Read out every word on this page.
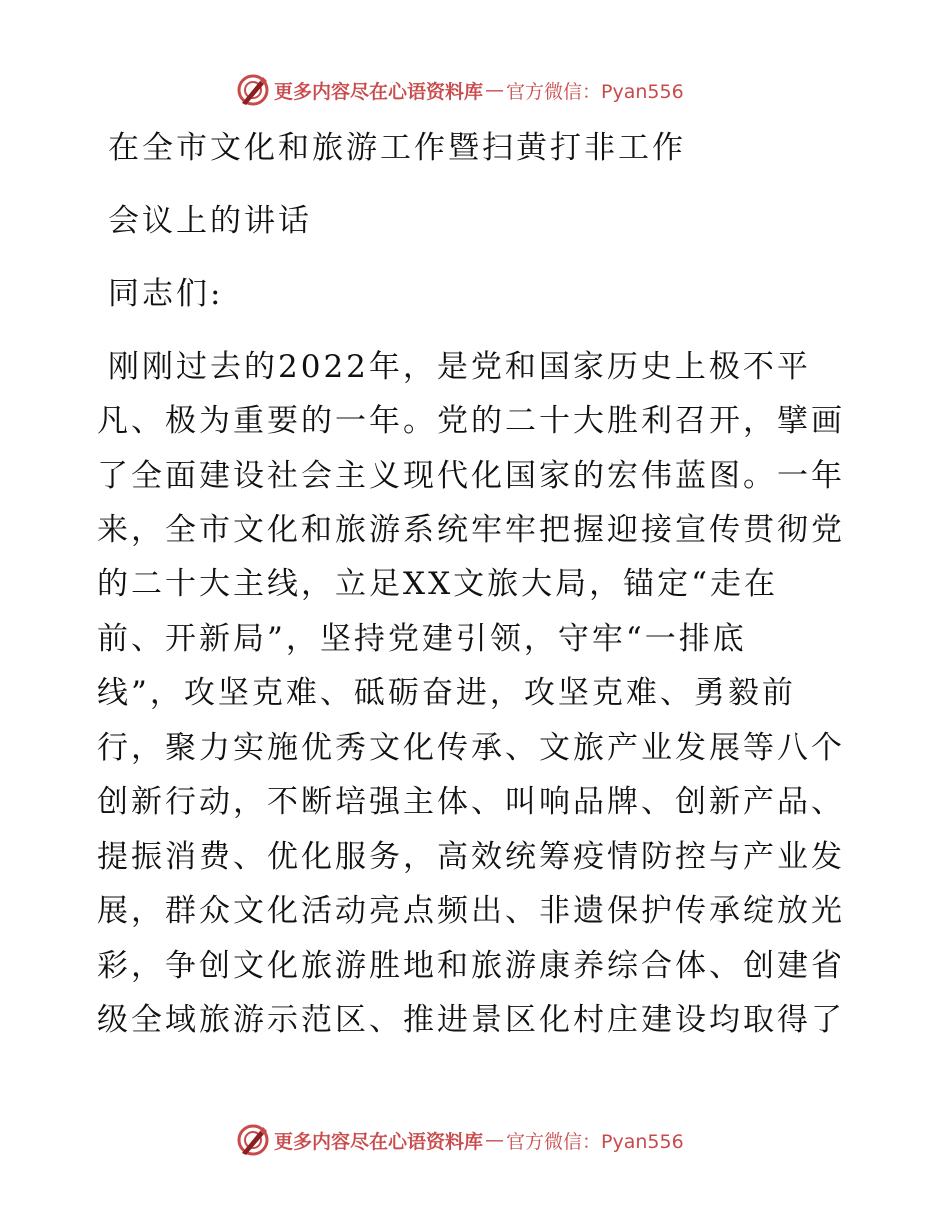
更多内容尽在心语资料库 — 官方微信：Pyan556
在全市文化和旅游工作暨扫黄打非工作
会议上的讲话
同志们:
刚刚过去的2022年，是党和国家历史上极不平
凡、极为重要的一年。党的二十大胜利召开，擘画
了全面建设社会主义现代化国家的宏伟蓝图。一年
来，全市文化和旅游系统牢牢把握迎接宣传贯彻党
的二十大主线，立足XX文旅大局，锚定“走在
前、开新局”，坚持党建引领，守牢“一排底
线”，攻坚克难、砥砺奋进，攻坚克难、勇毅前
行，聚力实施优秀文化传承、文旅产业发展等八个
创新行动，不断培强主体、叫响品牌、创新产品、
提振消费、优化服务，高效统筹疫情防控与产业发
展，群众文化活动亮点频出、非遗保护传承绽放光
彩，争创文化旅游胜地和旅游康养综合体、创建省
级全域旅游示范区、推进景区化村庄建设均取得了
更多内容尽在心语资料库 — 官方微信：Pyan556
